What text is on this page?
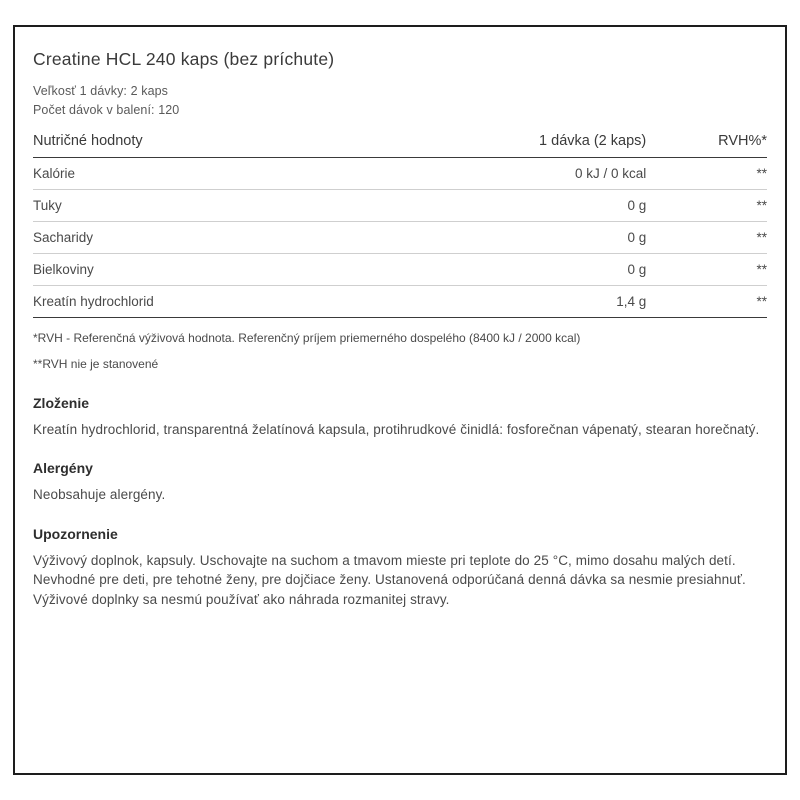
Creatine HCL 240 kaps (bez príchute)
Veľkosť 1 dávky: 2 kaps
Počet dávok v balení: 120
Nutričné hodnoty	1 dávka (2 kaps)	RVH%*
Kalórie	0 kJ / 0 kcal	**
Tuky	0 g	**
Sacharidy	0 g	**
Bielkoviny	0 g	**
Kreatín hydrochlorid	1,4 g	**

*RVH - Referenčná výživová hodnota. Referenčný príjem priemerného dospelého (8400 kJ / 2000 kcal)

**RVH nie je stanovené

Zloženie

Kreatín hydrochlorid, transparentná želatínová kapsula, protihrudkové činidlá: fosforečnan vápenatý, stearan horečnatý.

Alergény

Neobsahuje alergény.

Upozornenie

Výživový doplnok, kapsuly. Uschovajte na suchom a tmavom mieste pri teplote do 25 °C, mimo dosahu malých detí. Nevhodné pre deti, pre tehotné ženy, pre dojčiace ženy. Ustanovená odporúčaná denná dávka sa nesmie presiahnuť. Výživové doplnky sa nesmú používať ako náhrada rozmanitej stravy.
